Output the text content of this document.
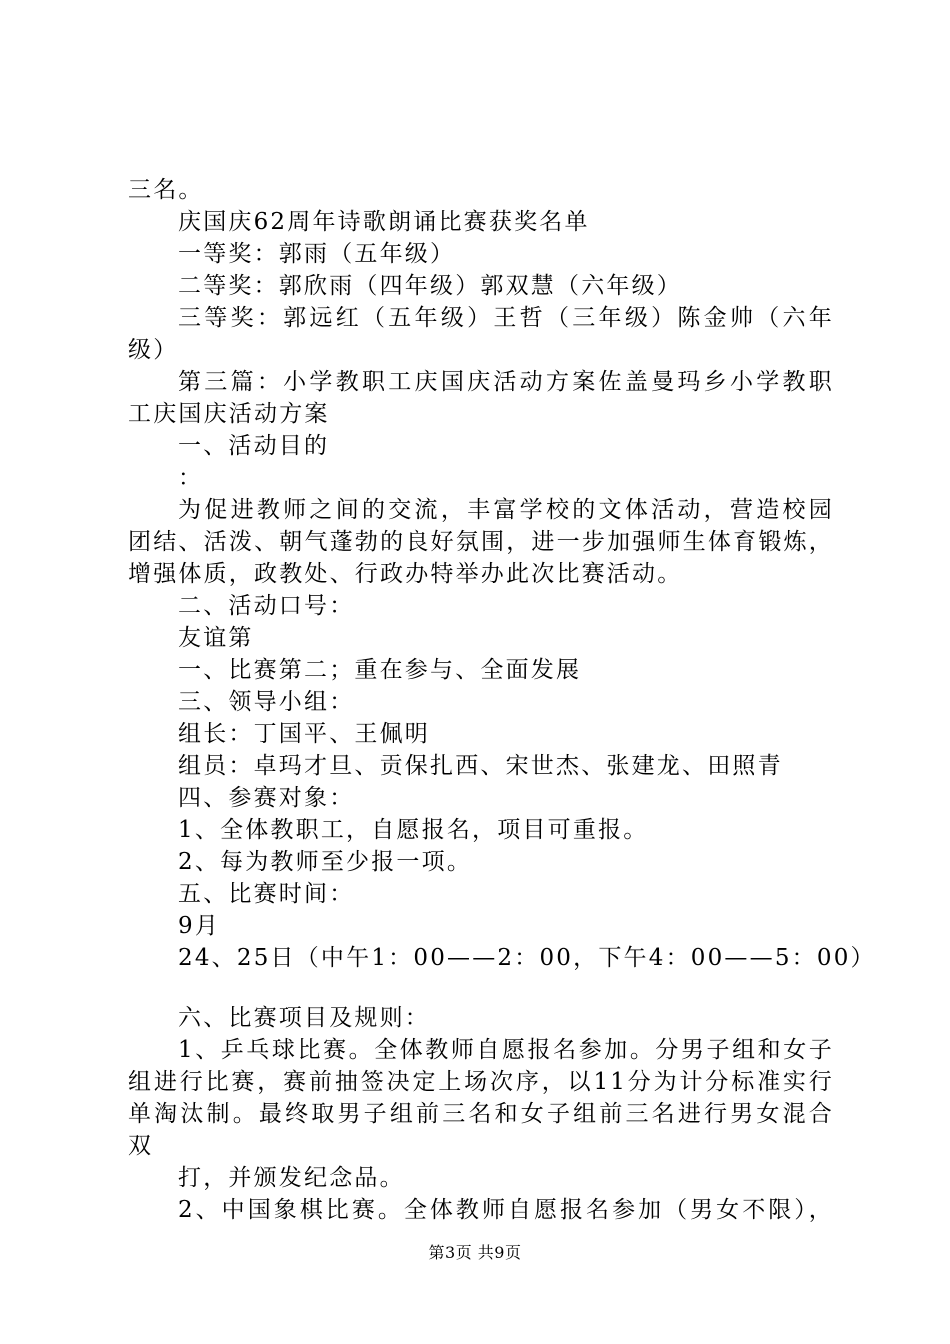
三名。
庆国庆62周年诗歌朗诵比赛获奖名单
一等奖：郭雨（五年级）
二等奖：郭欣雨（四年级）郭双慧（六年级）
三等奖：郭远红（五年级）王哲（三年级）陈金帅（六年
级）
第三篇：小学教职工庆国庆活动方案佐盖曼玛乡小学教职
工庆国庆活动方案
一、活动目的
：
为促进教师之间的交流，丰富学校的文体活动，营造校园
团结、活泼、朝气蓬勃的良好氛围，进一步加强师生体育锻炼，
增强体质，政教处、行政办特举办此次比赛活动。
二、活动口号：
友谊第
一、比赛第二；重在参与、全面发展
三、领导小组：
组长：丁国平、王佩明
组员：卓玛才旦、贡保扎西、宋世杰、张建龙、田照青
四、参赛对象：
1、全体教职工，自愿报名，项目可重报。
2、每为教师至少报一项。
五、比赛时间：
9月
24、25日（中午1：00——2：00，下午4：00——5：00）
六、比赛项目及规则：
1、乒乓球比赛。全体教师自愿报名参加。分男子组和女子
组进行比赛，赛前抽签决定上场次序，以11分为计分标准实行
单淘汰制。最终取男子组前三名和女子组前三名进行男女混合
双
打，并颁发纪念品。
2、中国象棋比赛。全体教师自愿报名参加（男女不限），
第3页 共9页
